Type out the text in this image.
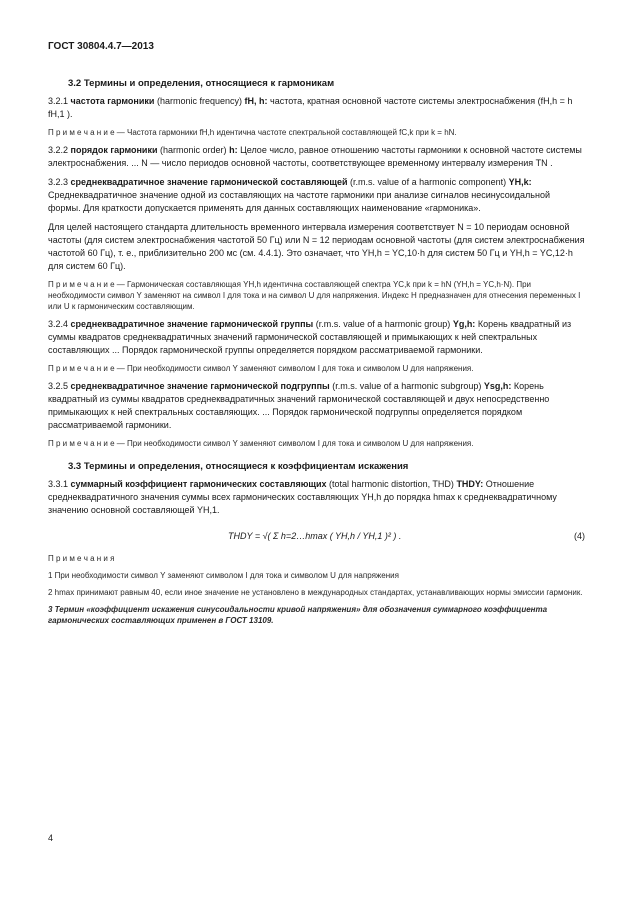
ГОСТ 30804.4.7—2013
3.2 Термины и определения, относящиеся к гармоникам

3.2.1 частота гармоники (harmonic frequency) fH, h: частота, кратная основной частоте системы электроснабжения (fH,h = h fH,1 ).

П р и м е ч а н и е — Частота гармоники fH,h идентична частоте спектральной составляющей fC,k при k = hN.

3.2.2 порядок гармоники (harmonic order) h: Целое число, равное отношению частоты гармоники к основной частоте системы электроснабжения. ... N — число периодов основной частоты, соответствующее временному интервалу измерения TN .

3.2.3 среднеквадратичное значение гармонической составляющей (r.m.s. value of a harmonic component) YH,k: Среднеквадратичное значение одной из составляющих на частоте гармоники при анализе сигналов несинусоидальной формы. Для краткости допускается применять для данных составляющих наименование «гармоника».

Для целей настоящего стандарта длительность временного интервала измерения соответствует N = 10 периодам основной частоты (для систем электроснабжения частотой 50 Гц) или N = 12 периодам основной частоты (для систем электроснабжения частотой 60 Гц), т. е., приблизительно 200 мс (см. 4.4.1). Это означает, что YH,h = YC,10·h для систем 50 Гц и YH,h = YC,12·h для систем 60 Гц).

П р и м е ч а н и е — Гармоническая составляющая YH,h идентична составляющей спектра YC,k при k = hN (YH,h = YC,h·N). При необходимости символ Y заменяют на символ I для тока и на символ U для напряжения. Индекс H предназначен для отнесения переменных I или U к гармоническим составляющим.

3.2.4 среднеквадратичное значение гармонической группы (r.m.s. value of a harmonic group) Yg,h: Корень квадратный из суммы квадратов среднеквадратичных значений гармонической составляющей и примыкающих к ней спектральных составляющих ... Порядок гармонической группы определяется порядком рассматриваемой гармоники.

П р и м е ч а н и е — При необходимости символ Y заменяют символом I для тока и символом U для напряжения.

3.2.5 среднеквадратичное значение гармонической подгруппы (r.m.s. value of a harmonic subgroup) Ysg,h: Корень квадратный из суммы квадратов среднеквадратичных значений гармонической составляющей и двух непосредственно примыкающих к ней спектральных составляющих. ... Порядок гармонической подгруппы определяется порядком рассматриваемой гармоники.

П р и м е ч а н и е — При необходимости символ Y заменяют символом I для тока и символом U для напряжения.

3.3 Термины и определения, относящиеся к коэффициентам искажения

3.3.1 суммарный коэффициент гармонических составляющих (total harmonic distortion, THD) THDY: Отношение среднеквадратичного значения суммы всех гармонических составляющих YH,h до порядка hmax к среднеквадратичному значению основной составляющей YH,1.

THDY = √( Σ h=2…hmax ( YH,h / YH,1 )² ) .	(4)

П р и м е ч а н и я

1 При необходимости символ Y заменяют символом I для тока и символом U для напряжения

2 hmax принимают равным 40, если иное значение не установлено в международных стандартах, устанавливающих нормы эмиссии гармоник.

3 Термин «коэффициент искажения синусоидальности кривой напряжения» для обозначения суммарного коэффициента гармонических составляющих применен в ГОСТ 13109.

4
